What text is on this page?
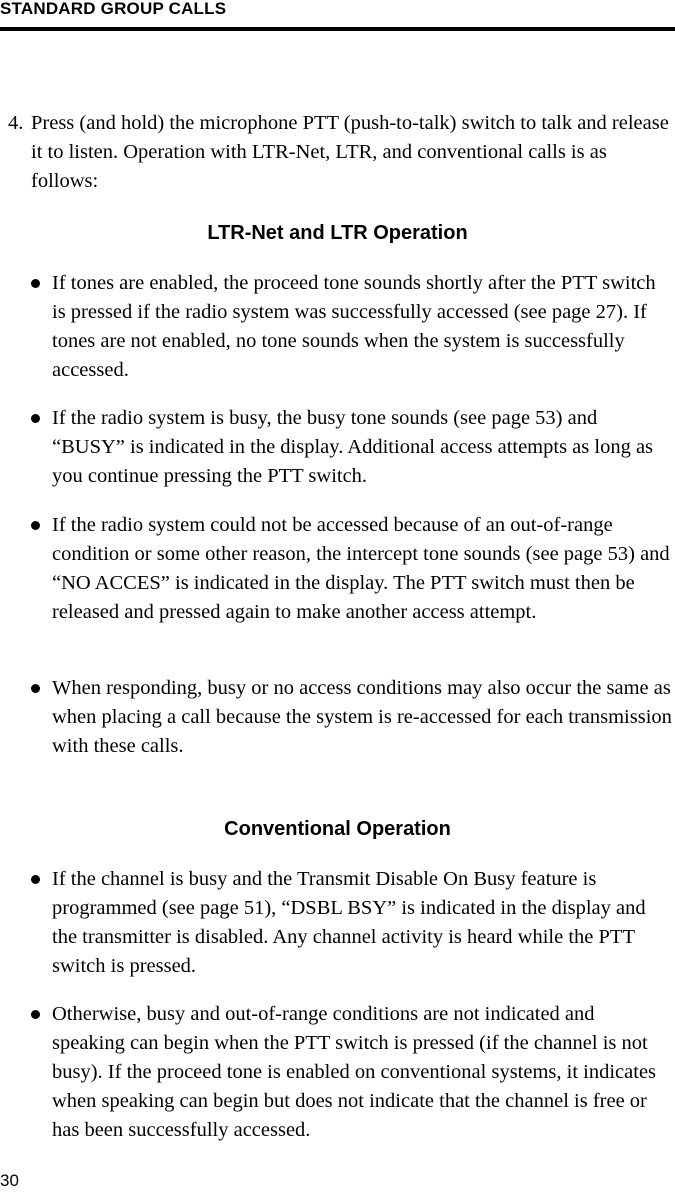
STANDARD GROUP CALLS
4. Press (and hold) the microphone PTT (push-to-talk) switch to talk and release it to listen. Operation with LTR-Net, LTR, and conventional calls is as follows:
LTR-Net and LTR Operation
If tones are enabled, the proceed tone sounds shortly after the PTT switch is pressed if the radio system was successfully accessed (see page 27). If tones are not enabled, no tone sounds when the system is successfully accessed.
If the radio system is busy, the busy tone sounds (see page 53) and “BUSY” is indicated in the display. Additional access attempts as long as you continue pressing the PTT switch.
If the radio system could not be accessed because of an out-of-range condition or some other reason, the intercept tone sounds (see page 53) and “NO ACCES” is indicated in the display. The PTT switch must then be released and pressed again to make another access attempt.
When responding, busy or no access conditions may also occur the same as when placing a call because the system is re-accessed for each transmission with these calls.
Conventional Operation
If the channel is busy and the Transmit Disable On Busy feature is programmed (see page 51), “DSBL BSY” is indicated in the display and the transmitter is disabled. Any channel activity is heard while the PTT switch is pressed.
Otherwise, busy and out-of-range conditions are not indicated and speaking can begin when the PTT switch is pressed (if the channel is not busy). If the proceed tone is enabled on conventional systems, it indicates when speaking can begin but does not indicate that the channel is free or has been successfully accessed.
30
